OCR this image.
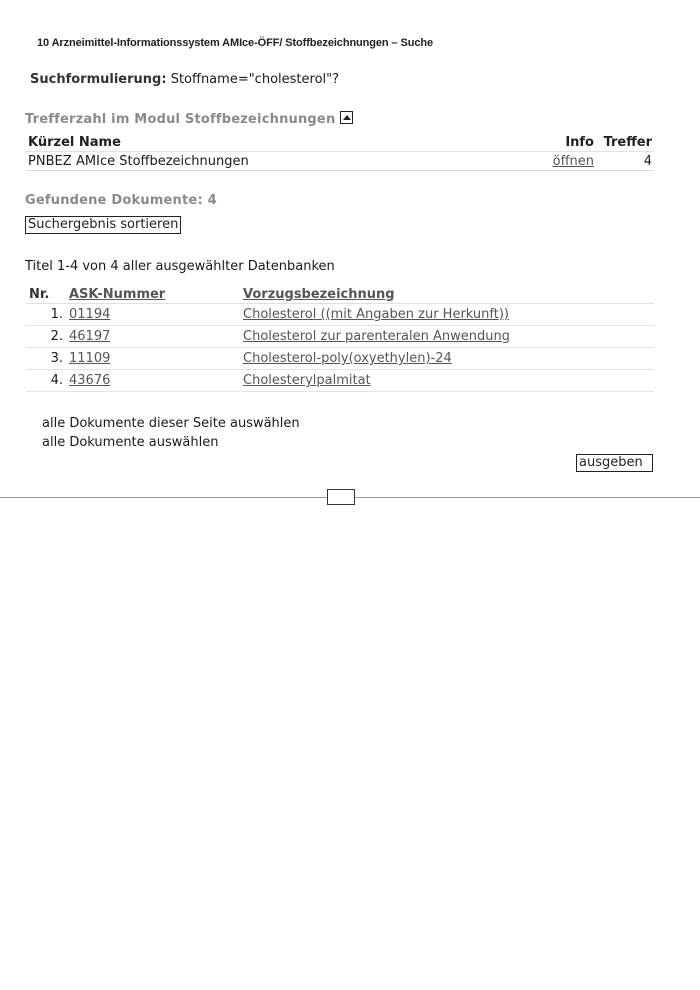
10 Arzneimittel-Informationssystem AMIce-ÖFF/ Stoffbezeichnungen – Suche
Suchformulierung: Stoffname="cholesterol"?
Trefferzahl im Modul Stoffbezeichnungen
Kürzel Name		Info	Treffer
PNBEZ	AMIce Stoffbezeichnungen	öffnen	4
Gefundene Dokumente: 4
Suchergebnis sortieren
Titel 1-4 von 4 aller ausgewählter Datenbanken
Nr.	ASK-Nummer	Vorzugsbezeichnung
1.	01194	Cholesterol ((mit Angaben zur Herkunft))
2.	46197	Cholesterol zur parenteralen Anwendung
3.	11109	Cholesterol-poly(oxyethylen)-24
4.	43676	Cholesterylpalmitat
alle Dokumente dieser Seite auswählen
alle Dokumente auswählen
ausgeben
